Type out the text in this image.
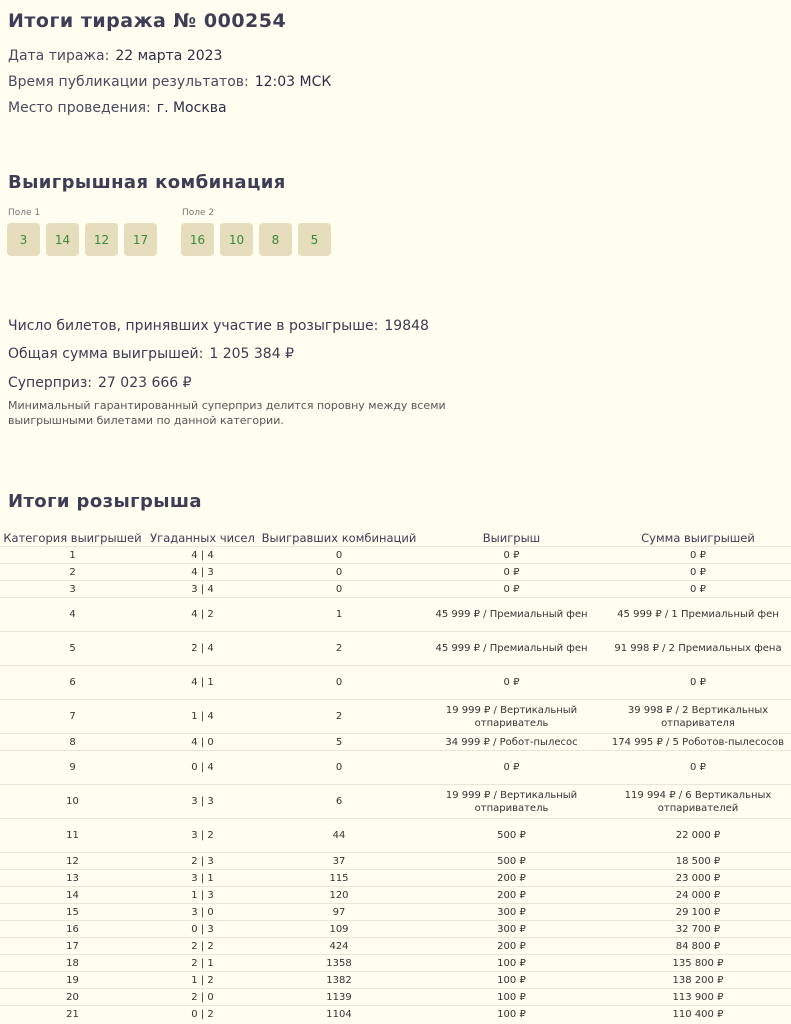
Итоги тиража № 000254
Дата тиража: 22 марта 2023
Время публикации результатов: 12:03 МСК
Место проведения: г. Москва
Выигрышная комбинация
Поле 1
3	14	12	17
Поле 2
16	10	8	5
Число билетов, принявших участие в розыгрыше: 19848
Общая сумма выигрышей: 1 205 384 ₽
Суперприз: 27 023 666 ₽
Минимальный гарантированный суперприз делится поровну между всеми выигрышными билетами по данной категории.
Итоги розыгрыша
Категория выигрышей	Угаданных чисел	Выигравших комбинаций	Выигрыш	Сумма выигрышей
1	4 | 4	0	0 ₽	0 ₽
2	4 | 3	0	0 ₽	0 ₽
3	3 | 4	0	0 ₽	0 ₽
4	4 | 2	1	45 999 ₽ / Премиальный фен	45 999 ₽ / 1 Премиальный фен
5	2 | 4	2	45 999 ₽ / Премиальный фен	91 998 ₽ / 2 Премиальных фена
6	4 | 1	0	0 ₽	0 ₽
7	1 | 4	2	19 999 ₽ / Вертикальный отпариватель	39 998 ₽ / 2 Вертикальных отпаривателя
8	4 | 0	5	34 999 ₽ / Робот-пылесос	174 995 ₽ / 5 Роботов-пылесосов
9	0 | 4	0	0 ₽	0 ₽
10	3 | 3	6	19 999 ₽ / Вертикальный отпариватель	119 994 ₽ / 6 Вертикальных отпаривателей
11	3 | 2	44	500 ₽	22 000 ₽
12	2 | 3	37	500 ₽	18 500 ₽
13	3 | 1	115	200 ₽	23 000 ₽
14	1 | 3	120	200 ₽	24 000 ₽
15	3 | 0	97	300 ₽	29 100 ₽
16	0 | 3	109	300 ₽	32 700 ₽
17	2 | 2	424	200 ₽	84 800 ₽
18	2 | 1	1358	100 ₽	135 800 ₽
19	1 | 2	1382	100 ₽	138 200 ₽
20	2 | 0	1139	100 ₽	113 900 ₽
21	0 | 2	1104	100 ₽	110 400 ₽
